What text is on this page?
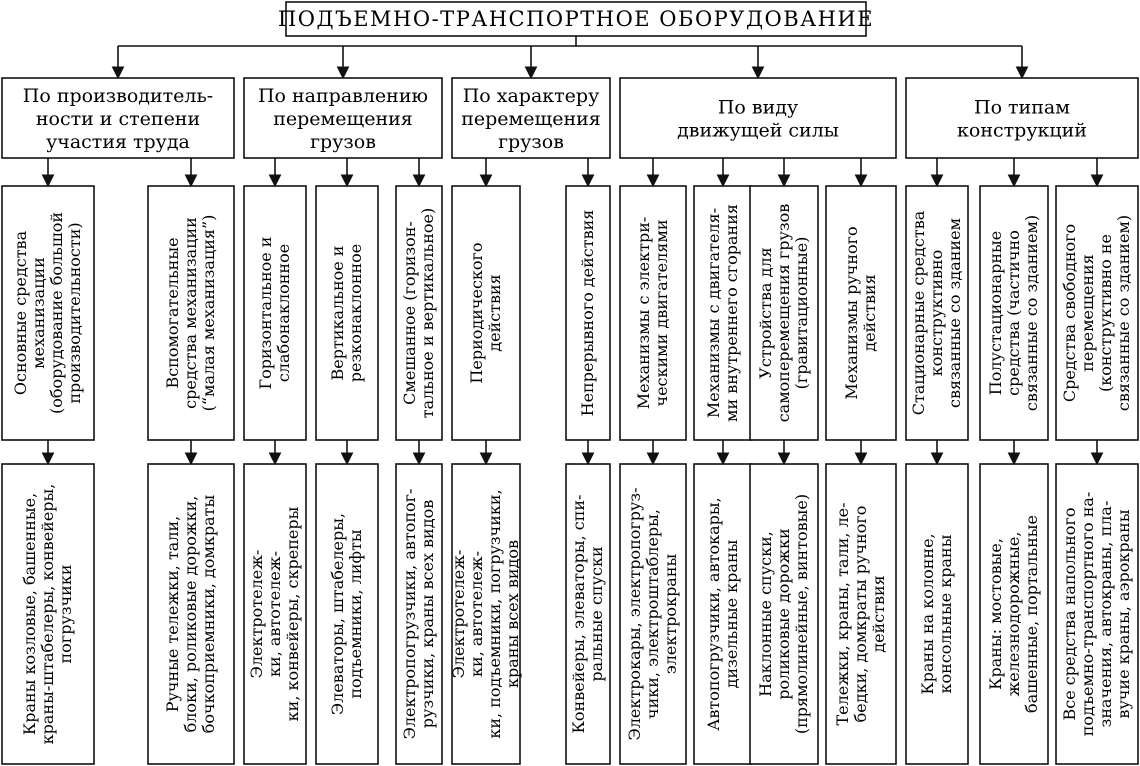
ПОДЪЕМНО-ТРАНСПОРТНОЕ ОБОРУДОВАНИЕ
По производитель-
ности и степени
участия труда
Основные средства механизации (оборудование большой производительности)
Краны козловые, башенные, краны-штабелеры, конвейеры, погрузчики
Вспомогательные средства механизации (“малая механизация”)
Ручные тележки, тали, блоки, роликовые дорожки, бочкоприемники, домкраты
По направлению
перемещения
грузов
Горизонтальное и слабонаклонное
Электротележ- ки, автотележ- ки, конвейеры, скреперы
Вертикальное и резконаклонное
Элеваторы, штабелеры, подъемники, лифты
Смешанное (горизон- тальное и вертикальное)
Электропогрузчики, автопог- рузчики, краны всех видов
По характеру
перемещения
грузов
Периодического действия
Электротележ- ки, автотележ- ки, подъемники, погрузчики, краны всех видов
Непрерывного действия
Конвейеры, элеваторы, спи- ральные спуски
По виду
движущей силы
Механизмы с электри- ческими двигателями
Электрокары, электропогруз- чики, электроштаблеры, электрокраны
Механизмы с двигателя- ми внутреннего сгорания
Автопогрузчики, автокары, дизельные краны
Устройства для самоперемещения грузов (гравитационные)
Наклонные спуски, роликовые дорожки (прямолинейные, винтовые)
Механизмы ручного действия
Тележки, краны, тали, ле- бедки, домкраты ручного действия
По типам
конструкций
Стационарные средства конструктивно связанные со зданием
Краны на колонне, консольные краны
Полустационарные средства (частично связанные со зданием)
Краны: мостовые, железнодорожные, башенные, портальные
Средства свободного перемещения (конструктивно не связанные со зданием)
Все средства напольного подъемно-транспортного на- значения, автокраны, пла- вучие краны, аэрокраны
